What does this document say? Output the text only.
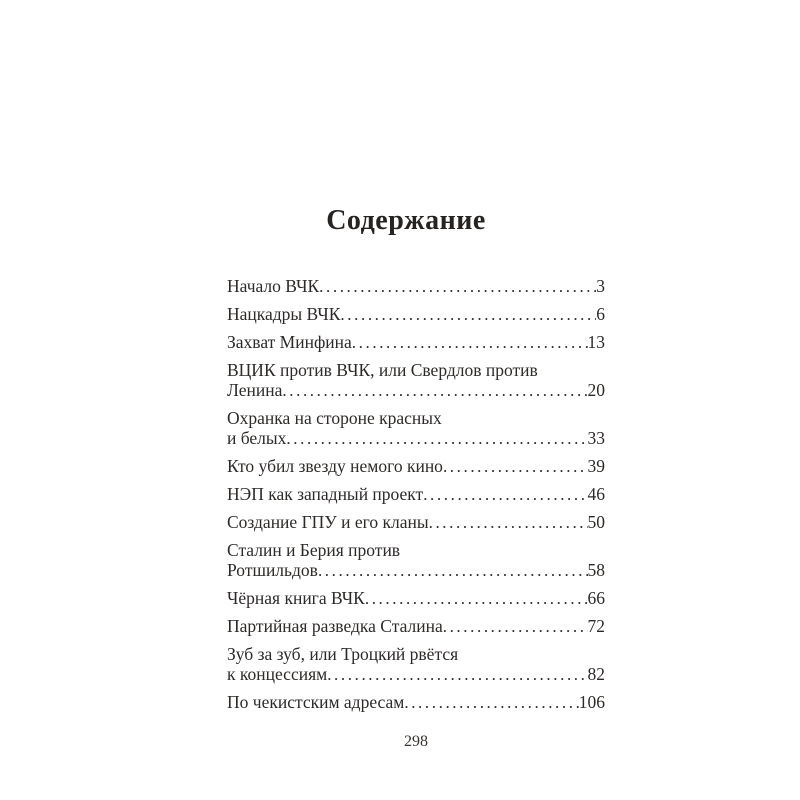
Содержание
Начало ВЧК .....	3
Нацкадры ВЧК .....	6
Захват Минфина .....	13
ВЦИК против ВЧК, или Свердлов против
Ленина .....	20
Охранка на стороне красных
и белых .....	33
Кто убил звезду немого кино .....	39
НЭП как западный проект .....	46
Создание ГПУ и его кланы .....	50
Сталин и Берия против
Ротшильдов .....	58
Чёрная книга ВЧК .....	66
Партийная разведка Сталина .....	72
Зуб за зуб, или Троцкий рвётся
к концессиям .....	82
По чекистским адресам .....	106
298
